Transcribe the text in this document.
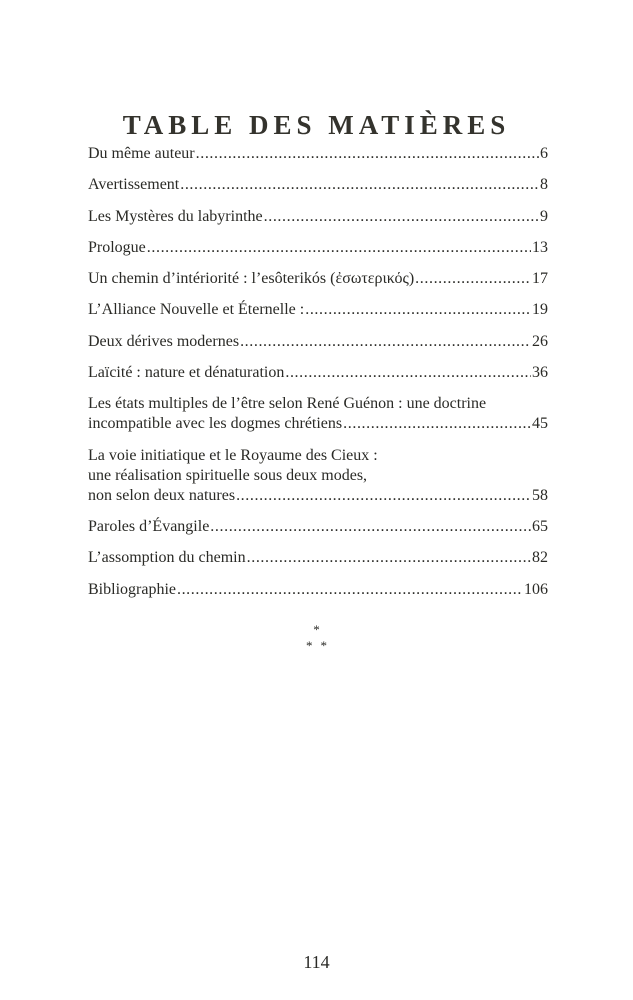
TABLE DES MATIÈRES
Du même auteur .....	6
Avertissement .....	8
Les Mystères du labyrinthe .....	9
Prologue .....	13
Un chemin d’intériorité : l’esôterikós (ἐσωτερικός) .....	17
L’Alliance Nouvelle et Éternelle : .....	19
Deux dérives modernes .....	26
Laïcité : nature et dénaturation .....	36
Les états multiples de l’être selon René Guénon : une doctrine
incompatible avec les dogmes chrétiens .....	45
La voie initiatique et le Royaume des Cieux :
une réalisation spirituelle sous deux modes,
non selon deux natures .....	58
Paroles d’Évangile .....	65
L’assomption du chemin .....	82
Bibliographie .....	106
*
**
114
